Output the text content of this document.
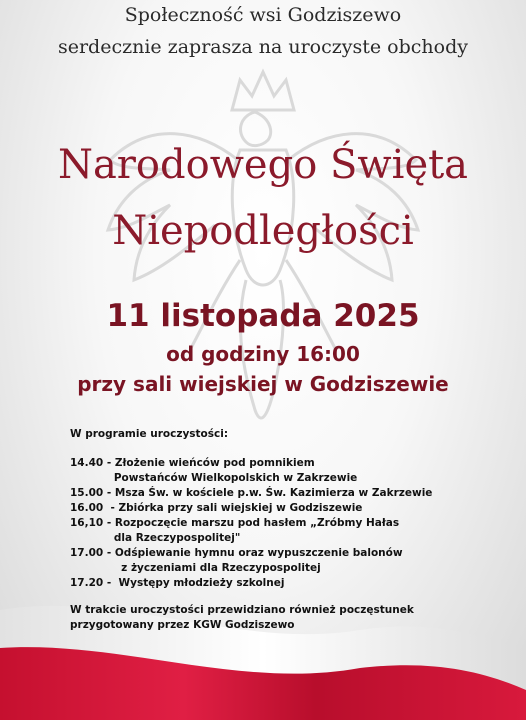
Społeczność wsi Godziszewo
serdecznie zaprasza na uroczyste obchody
Narodowego Święta
Niepodległości
11 listopada 2025
od godziny 16:00
przy sali wiejskiej w Godziszewie
W programie uroczystości:
14.40 - Złożenie wieńców pod pomnikiem
Powstańców Wielkopolskich w Zakrzewie
15.00 - Msza Św. w kościele p.w. Św. Kazimierza w Zakrzewie
16.00  - Zbiórka przy sali wiejskiej w Godziszewie
16,10 - Rozpoczęcie marszu pod hasłem „Zróbmy Hałas
dla Rzeczypospolitej"
17.00 - Odśpiewanie hymnu oraz wypuszczenie balonów
z życzeniami dla Rzeczypospolitej
17.20 -  Występy młodzieży szkolnej
W trakcie uroczystości przewidziano również poczęstunek
przygotowany przez KGW Godziszewo
